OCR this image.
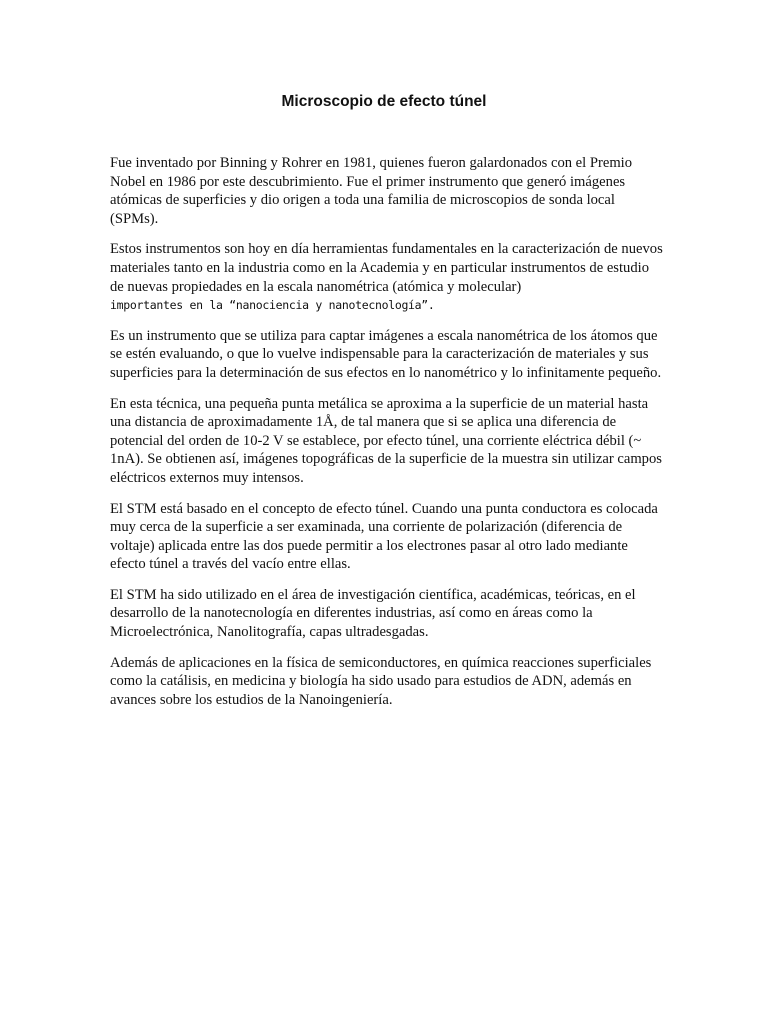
Microscopio de efecto túnel

Fue inventado por Binning y Rohrer en 1981, quienes fueron galardonados con el Premio Nobel en 1986 por este descubrimiento. Fue el primer instrumento que generó imágenes atómicas de superficies y dio origen a toda una familia de microscopios de sonda local (SPMs).

Estos instrumentos son hoy en día herramientas fundamentales en la caracterización de nuevos materiales tanto en la industria como en la Academia y en particular instrumentos de estudio de nuevas propiedades en la escala nanométrica (atómica y molecular)
importantes en la “nanociencia y nanotecnología”.

Es un instrumento que se utiliza para captar imágenes a escala nanométrica de los átomos que se estén evaluando, o que lo vuelve indispensable para la caracterización de materiales y sus superficies para la determinación de sus efectos en lo nanométrico y lo infinitamente pequeño.

En esta técnica, una pequeña punta metálica se aproxima a la superficie de un material hasta una distancia de aproximadamente 1Å, de tal manera que si se aplica una diferencia de potencial del orden de 10-2 V se establece, por efecto túnel, una corriente eléctrica débil (~ 1nA). Se obtienen así, imágenes topográficas de la superficie de la muestra sin utilizar campos eléctricos externos muy intensos.

El STM está basado en el concepto de efecto túnel. Cuando una punta conductora es colocada muy cerca de la superficie a ser examinada, una corriente de polarización (diferencia de voltaje) aplicada entre las dos puede permitir a los electrones pasar al otro lado mediante efecto túnel a través del vacío entre ellas.

El STM ha sido utilizado en el área de investigación científica, académicas, teóricas, en el desarrollo de la nanotecnología en diferentes industrias, así como en áreas como la Microelectrónica, Nanolitografía, capas ultradesgadas.

Además de aplicaciones en la física de semiconductores, en química reacciones superficiales como la catálisis, en medicina y biología ha sido usado para estudios de ADN, además en avances sobre los estudios de la Nanoingeniería.
